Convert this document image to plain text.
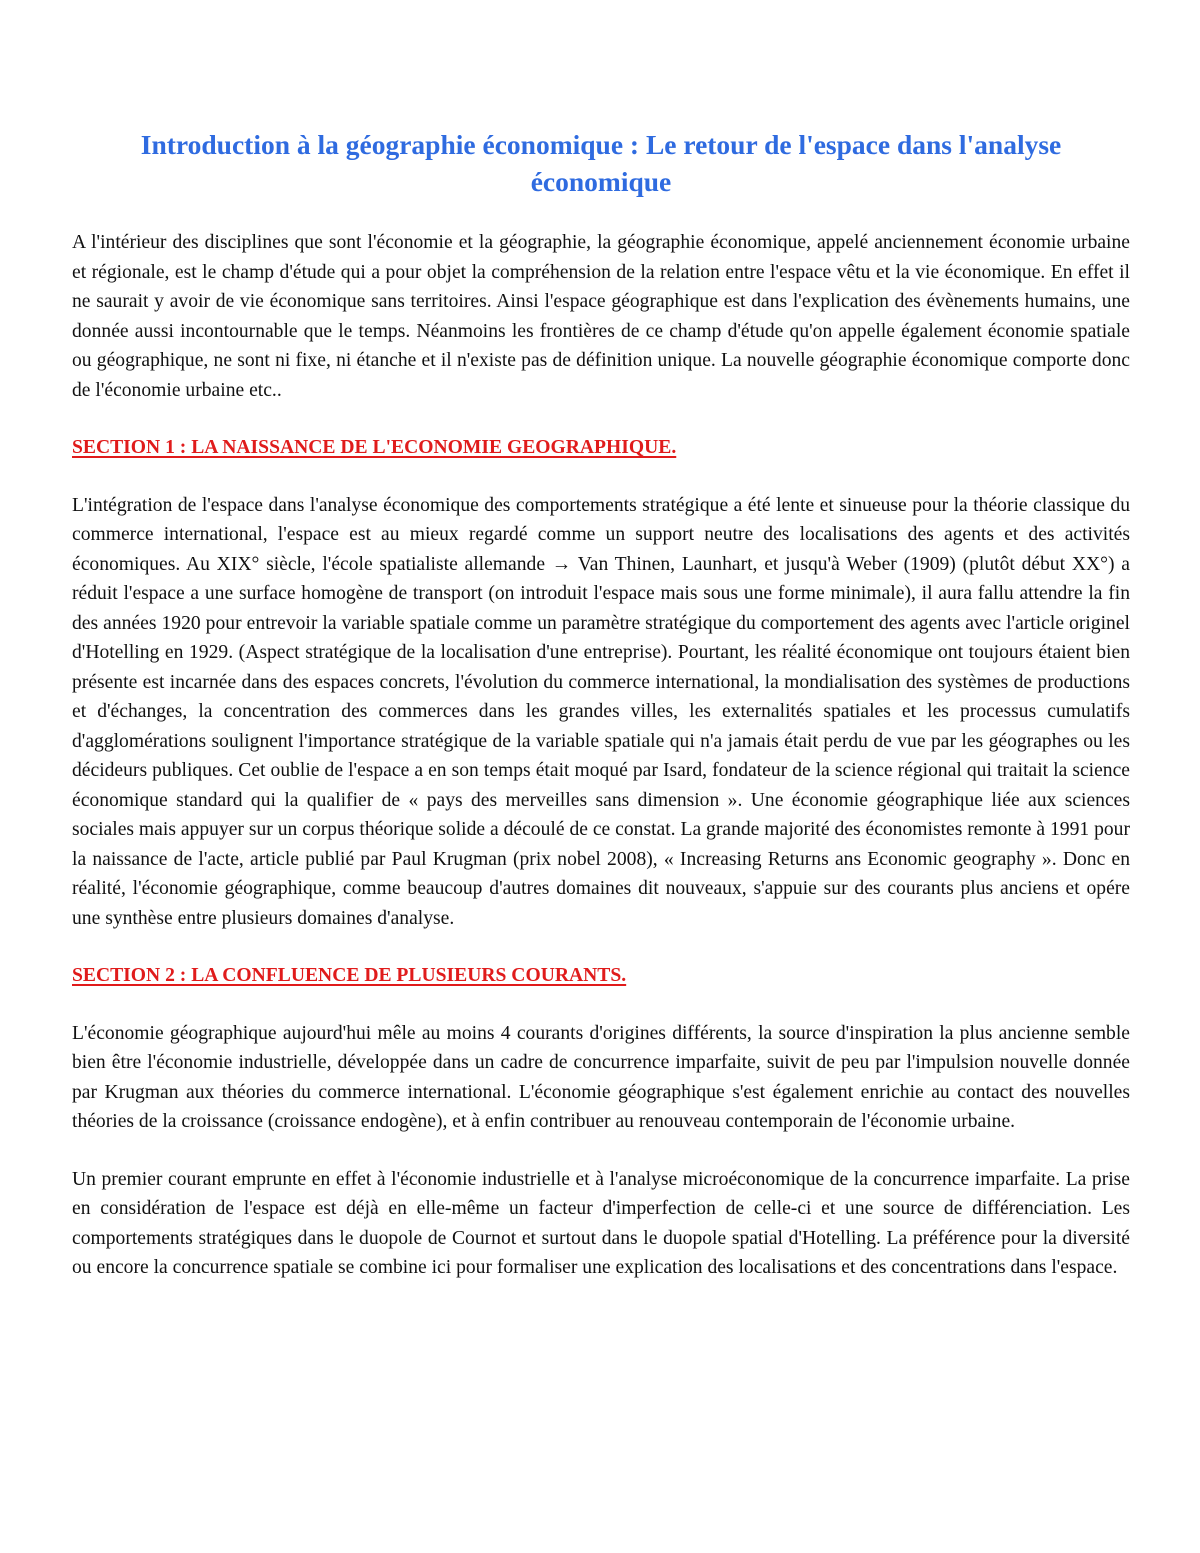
Introduction à la géographie économique : Le retour de l'espace dans l'analyse économique

A l'intérieur des disciplines que sont l'économie et la géographie, la géographie économique, appelé anciennement économie urbaine et régionale, est le champ d'étude qui a pour objet la compréhension de la relation entre l'espace vêtu et la vie économique. En effet il ne saurait y avoir de vie économique sans territoires. Ainsi l'espace géographique est dans l'explication des évènements humains, une donnée aussi incontournable que le temps. Néanmoins les frontières de ce champ d'étude qu'on appelle également économie spatiale ou géographique, ne sont ni fixe, ni étanche et il n'existe pas de définition unique. La nouvelle géographie économique comporte donc de l'économie urbaine etc..

SECTION 1 : LA NAISSANCE DE L'ECONOMIE GEOGRAPHIQUE.

L'intégration de l'espace dans l'analyse économique des comportements stratégique a été lente et sinueuse pour la théorie classique du commerce international, l'espace est au mieux regardé comme un support neutre des localisations des agents et des activités économiques. Au XIX° siècle, l'école spatialiste allemande → Van Thinen, Launhart, et jusqu'à Weber (1909) (plutôt début XX°) a réduit l'espace a une surface homogène de transport (on introduit l'espace mais sous une forme minimale), il aura fallu attendre la fin des années 1920 pour entrevoir la variable spatiale comme un paramètre stratégique du comportement des agents avec l'article originel d'Hotelling en 1929. (Aspect stratégique de la localisation d'une entreprise). Pourtant, les réalité économique ont toujours étaient bien présente est incarnée dans des espaces concrets, l'évolution du commerce international, la mondialisation des systèmes de productions et d'échanges, la concentration des commerces dans les grandes villes, les externalités spatiales et les processus cumulatifs d'agglomérations soulignent l'importance stratégique de la variable spatiale qui n'a jamais était perdu de vue par les géographes ou les décideurs publiques. Cet oublie de l'espace a en son temps était moqué par Isard, fondateur de la science régional qui traitait la science économique standard qui la qualifier de « pays des merveilles sans dimension ». Une économie géographique liée aux sciences sociales mais appuyer sur un corpus théorique solide a découlé de ce constat. La grande majorité des économistes remonte à 1991 pour la naissance de l'acte, article publié par Paul Krugman (prix nobel 2008), « Increasing Returns ans Economic geography ». Donc en réalité, l'économie géographique, comme beaucoup d'autres domaines dit nouveaux, s'appuie sur des courants plus anciens et opére une synthèse entre plusieurs domaines d'analyse.

SECTION 2 : LA CONFLUENCE DE PLUSIEURS COURANTS.

L'économie géographique aujourd'hui mêle au moins 4 courants d'origines différents, la source d'inspiration la plus ancienne semble bien être l'économie industrielle, développée dans un cadre de concurrence imparfaite, suivit de peu par l'impulsion nouvelle donnée par Krugman aux théories du commerce international. L'économie géographique s'est également enrichie au contact des nouvelles théories de la croissance (croissance endogène), et à enfin contribuer au renouveau contemporain de l'économie urbaine.

Un premier courant emprunte en effet à l'économie industrielle et à l'analyse microéconomique de la concurrence imparfaite. La prise en considération de l'espace est déjà en elle-même un facteur d'imperfection de celle-ci et une source de différenciation. Les comportements stratégiques dans le duopole de Cournot et surtout dans le duopole spatial d'Hotelling. La préférence pour la diversité ou encore la concurrence spatiale se combine ici pour formaliser une explication des localisations et des concentrations dans l'espace.
